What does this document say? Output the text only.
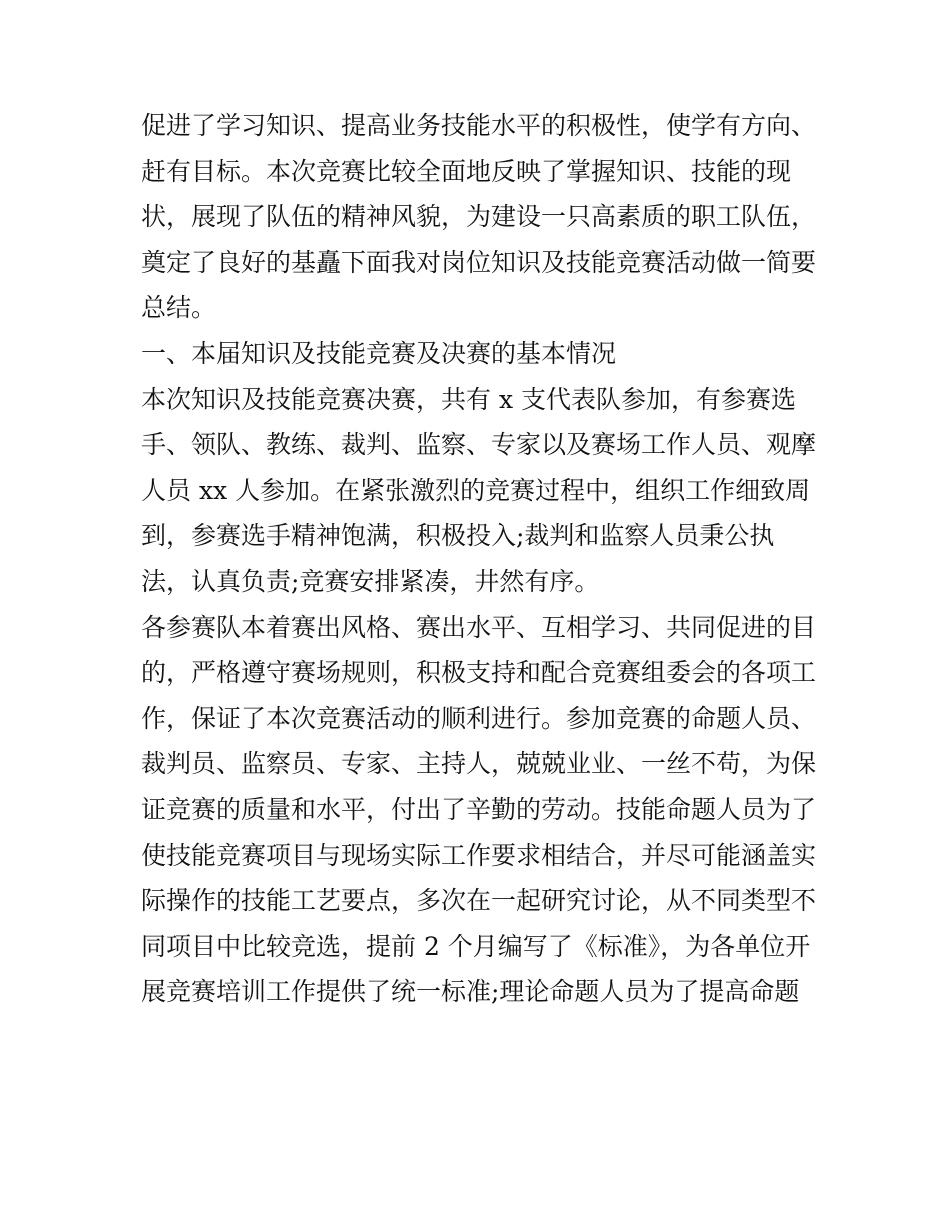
促进了学习知识、提高业务技能水平的积极性，使学有方向、
赶有目标。本次竞赛比较全面地反映了掌握知识、技能的现
状，展现了队伍的精神风貌，为建设一只高素质的职工队伍，
奠定了良好的基矗下面我对岗位知识及技能竞赛活动做一简要
总结。
一、本届知识及技能竞赛及决赛的基本情况
本次知识及技能竞赛决赛，共有 x 支代表队参加，有参赛选
手、领队、教练、裁判、监察、专家以及赛场工作人员、观摩
人员 xx 人参加。在紧张激烈的竞赛过程中，组织工作细致周
到，参赛选手精神饱满，积极投入;裁判和监察人员秉公执
法，认真负责;竞赛安排紧凑，井然有序。
各参赛队本着赛出风格、赛出水平、互相学习、共同促进的目
的，严格遵守赛场规则，积极支持和配合竞赛组委会的各项工
作，保证了本次竞赛活动的顺利进行。参加竞赛的命题人员、
裁判员、监察员、专家、主持人，兢兢业业、一丝不苟，为保
证竞赛的质量和水平，付出了辛勤的劳动。技能命题人员为了
使技能竞赛项目与现场实际工作要求相结合，并尽可能涵盖实
际操作的技能工艺要点，多次在一起研究讨论，从不同类型不
同项目中比较竞选，提前 2 个月编写了《标准》，为各单位开
展竞赛培训工作提供了统一标准;理论命题人员为了提高命题
